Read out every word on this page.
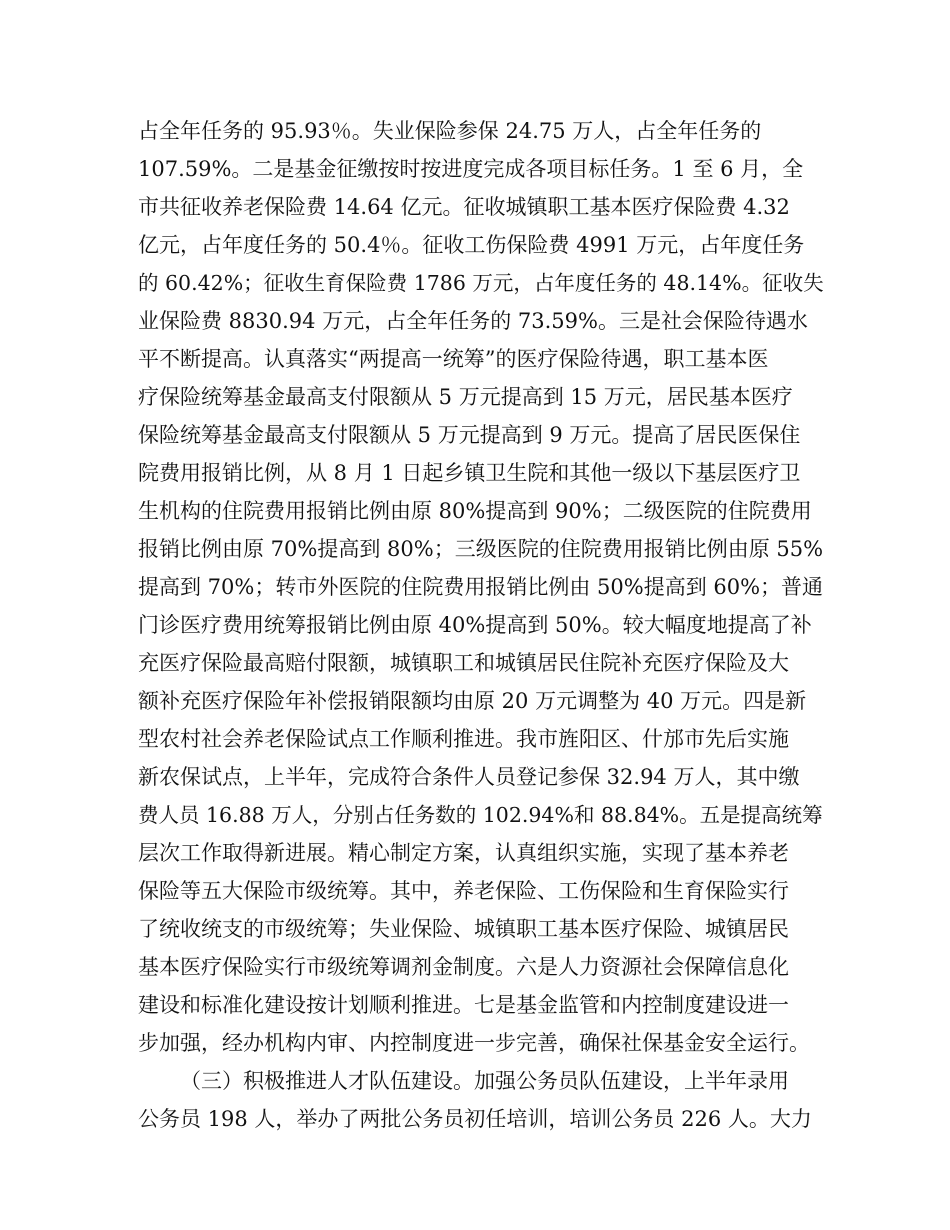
占全年任务的 95.93％。失业保险参保 24.75 万人，占全年任务的
107.59%。二是基金征缴按时按进度完成各项目标任务。1 至 6 月，全
市共征收养老保险费 14.64 亿元。征收城镇职工基本医疗保险费 4.32
亿元，占年度任务的 50.4％。征收工伤保险费 4991 万元，占年度任务
的 60.42%；征收生育保险费 1786 万元，占年度任务的 48.14%。征收失
业保险费 8830.94 万元，占全年任务的 73.59%。三是社会保险待遇水
平不断提高。认真落实“两提高一统筹”的医疗保险待遇，职工基本医
疗保险统筹基金最高支付限额从 5 万元提高到 15 万元，居民基本医疗
保险统筹基金最高支付限额从 5 万元提高到 9 万元。提高了居民医保住
院费用报销比例，从 8 月 1 日起乡镇卫生院和其他一级以下基层医疗卫
生机构的住院费用报销比例由原 80%提高到 90%；二级医院的住院费用
报销比例由原 70%提高到 80%；三级医院的住院费用报销比例由原 55%
提高到 70%；转市外医院的住院费用报销比例由 50%提高到 60%；普通
门诊医疗费用统筹报销比例由原 40%提高到 50%。较大幅度地提高了补
充医疗保险最高赔付限额，城镇职工和城镇居民住院补充医疗保险及大
额补充医疗保险年补偿报销限额均由原 20 万元调整为 40 万元。四是新
型农村社会养老保险试点工作顺利推进。我市旌阳区、什邡市先后实施
新农保试点，上半年，完成符合条件人员登记参保 32.94 万人，其中缴
费人员 16.88 万人，分别占任务数的 102.94%和 88.84%。五是提高统筹
层次工作取得新进展。精心制定方案，认真组织实施，实现了基本养老
保险等五大保险市级统筹。其中，养老保险、工伤保险和生育保险实行
了统收统支的市级统筹；失业保险、城镇职工基本医疗保险、城镇居民
基本医疗保险实行市级统筹调剂金制度。六是人力资源社会保障信息化
建设和标准化建设按计划顺利推进。七是基金监管和内控制度建设进一
步加强，经办机构内审、内控制度进一步完善，确保社保基金安全运行。
（三）积极推进人才队伍建设。加强公务员队伍建设，上半年录用
公务员 198 人，举办了两批公务员初任培训，培训公务员 226 人。大力
